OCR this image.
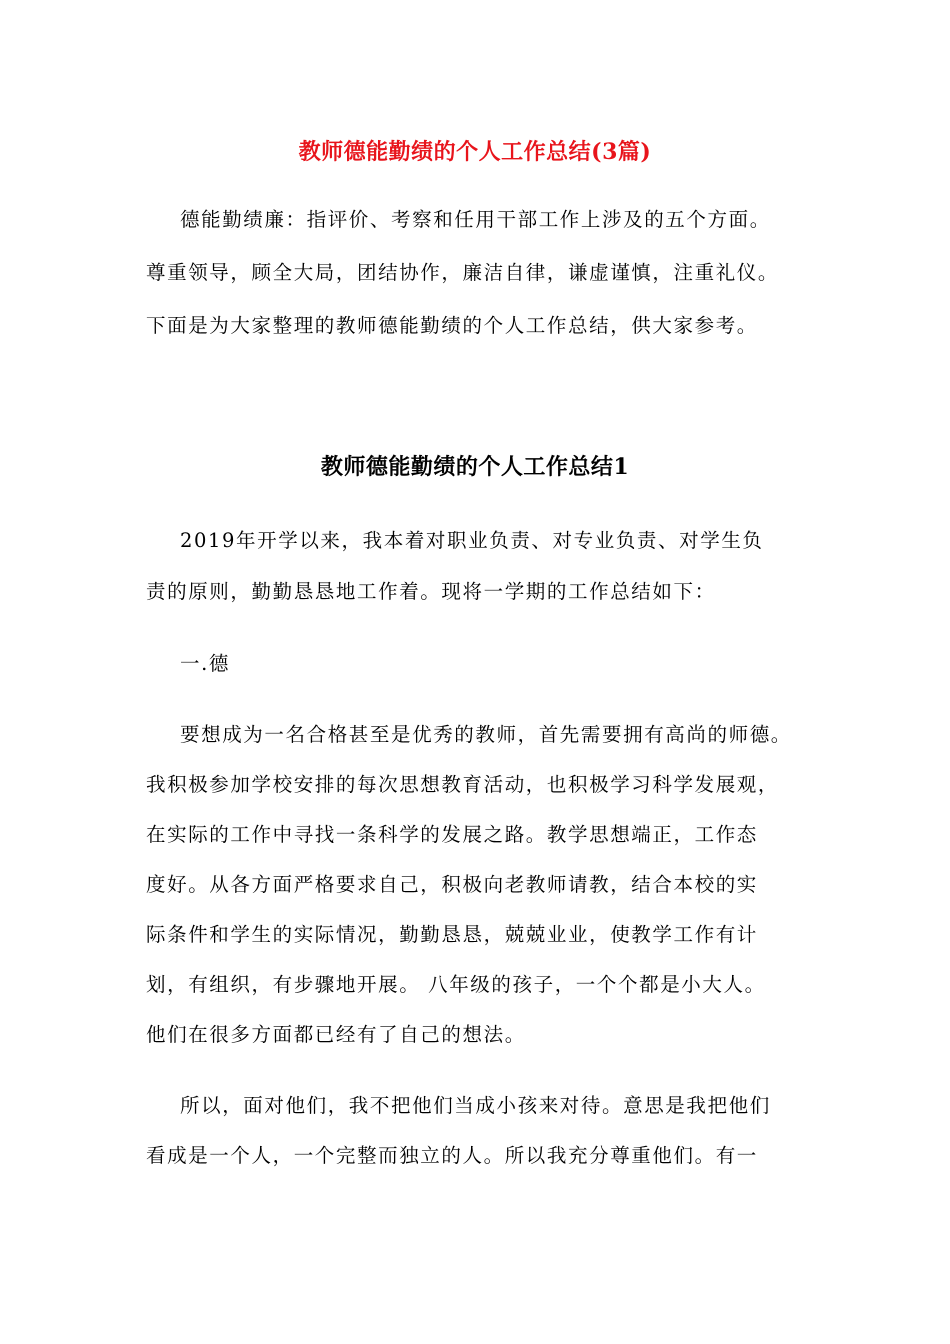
教师德能勤绩的个人工作总结(3篇)
德能勤绩廉：指评价、考察和任用干部工作上涉及的五个方面。
尊重领导，顾全大局，团结协作，廉洁自律，谦虚谨慎，注重礼仪。
下面是为大家整理的教师德能勤绩的个人工作总结，供大家参考。
教师德能勤绩的个人工作总结1
2019年开学以来，我本着对职业负责、对专业负责、对学生负
责的原则，勤勤恳恳地工作着。现将一学期的工作总结如下：
一.德
要想成为一名合格甚至是优秀的教师，首先需要拥有高尚的师德。
我积极参加学校安排的每次思想教育活动，也积极学习科学发展观，
在实际的工作中寻找一条科学的发展之路。教学思想端正，工作态
度好。从各方面严格要求自己，积极向老教师请教，结合本校的实
际条件和学生的实际情况，勤勤恳恳，兢兢业业，使教学工作有计
划，有组织，有步骤地开展。 八年级的孩子，一个个都是小大人。
他们在很多方面都已经有了自己的想法。
所以，面对他们，我不把他们当成小孩来对待。意思是我把他们
看成是一个人，一个完整而独立的人。所以我充分尊重他们。有一
